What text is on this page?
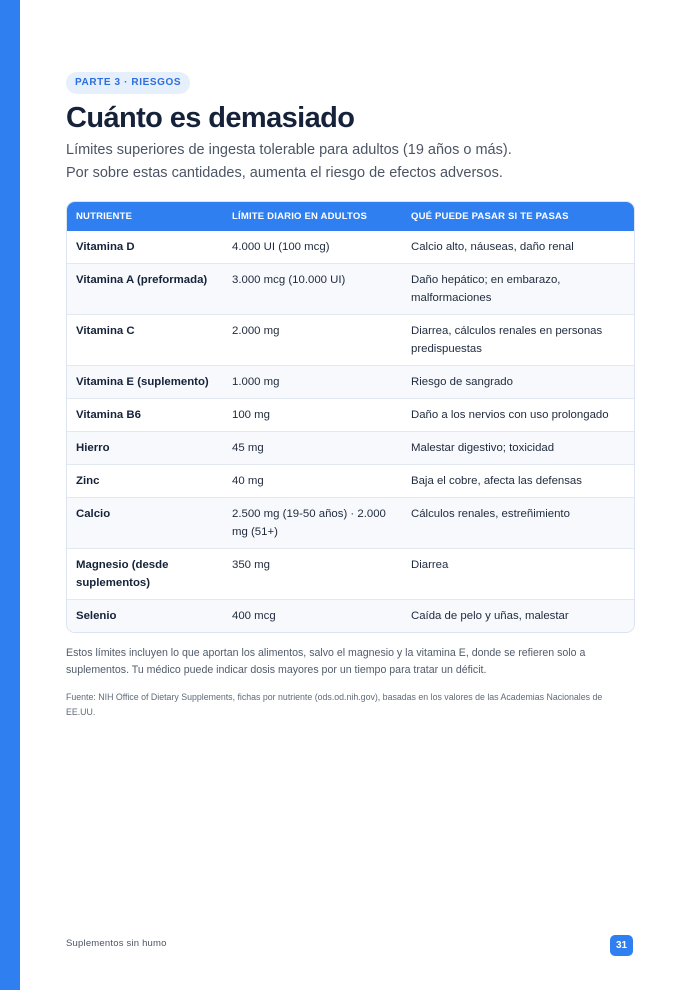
PARTE 3 · RIESGOS
Cuánto es demasiado
Límites superiores de ingesta tolerable para adultos (19 años o más).
Por sobre estas cantidades, aumenta el riesgo de efectos adversos.
NUTRIENTE	LÍMITE DIARIO EN ADULTOS	QUÉ PUEDE PASAR SI TE PASAS
Vitamina D	4.000 UI (100 mcg)	Calcio alto, náuseas, daño renal
Vitamina A (preformada)	3.000 mcg (10.000 UI)	Daño hepático; en embarazo, malformaciones
Vitamina C	2.000 mg	Diarrea, cálculos renales en personas predispuestas
Vitamina E (suplemento)	1.000 mg	Riesgo de sangrado
Vitamina B6	100 mg	Daño a los nervios con uso prolongado
Hierro	45 mg	Malestar digestivo; toxicidad
Zinc	40 mg	Baja el cobre, afecta las defensas
Calcio	2.500 mg (19-50 años) · 2.000 mg (51+)	Cálculos renales, estreñimiento
Magnesio (desde suplementos)	350 mg	Diarrea
Selenio	400 mcg	Caída de pelo y uñas, malestar

Estos límites incluyen lo que aportan los alimentos, salvo el magnesio y la vitamina E, donde se refieren solo a suplementos. Tu médico puede indicar dosis mayores por un tiempo para tratar un déficit.

Fuente: NIH Office of Dietary Supplements, fichas por nutriente (ods.od.nih.gov), basadas en los valores de las Academias Nacionales de EE.UU.

Suplementos sin humo	31
